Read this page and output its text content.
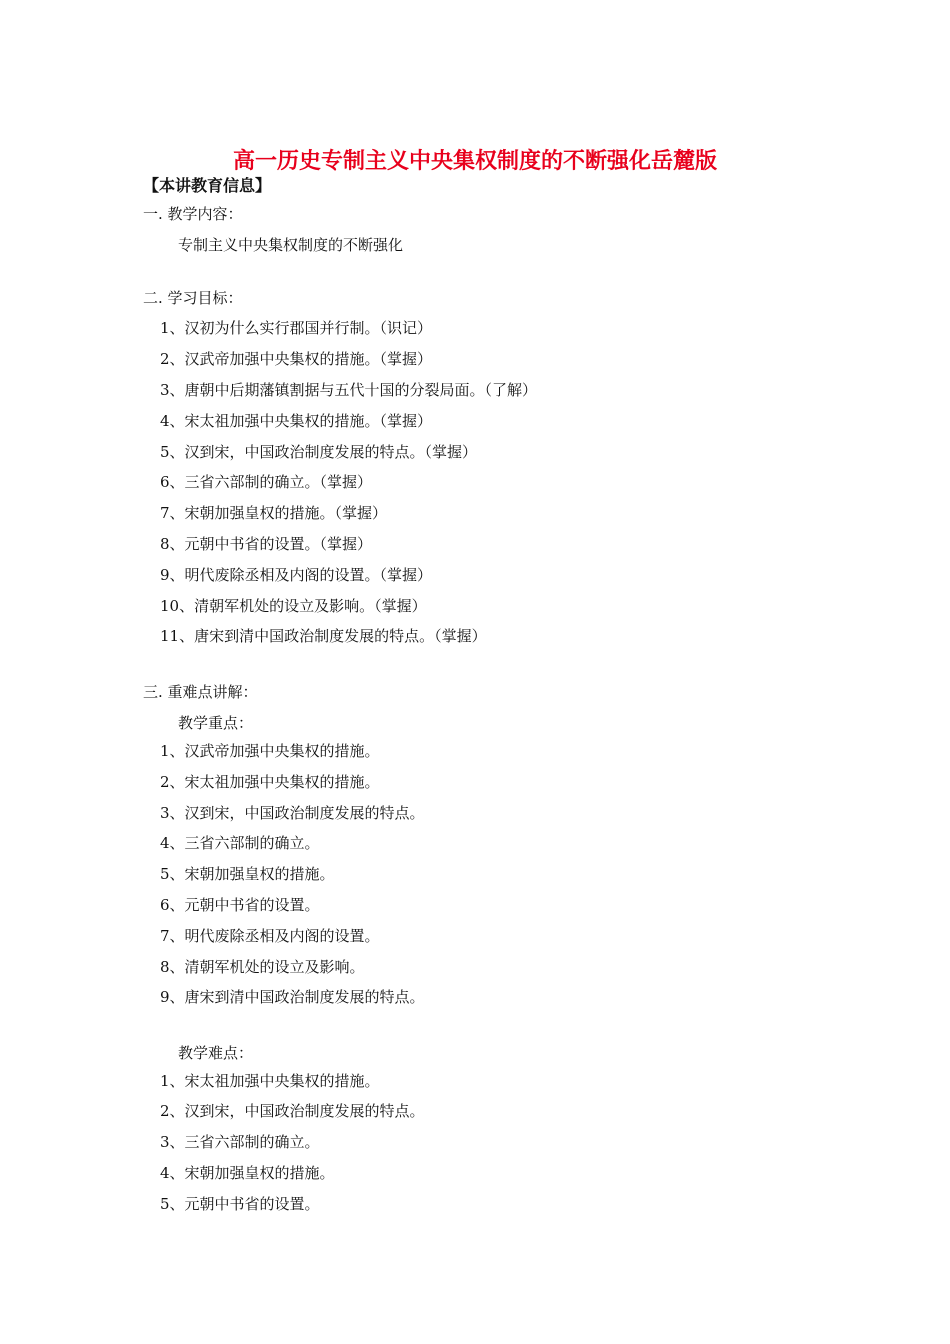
高一历史专制主义中央集权制度的不断强化岳麓版
【本讲教育信息】
一. 教学内容：
专制主义中央集权制度的不断强化
二. 学习目标：
1、汉初为什么实行郡国并行制。（识记）
2、汉武帝加强中央集权的措施。（掌握）
3、唐朝中后期藩镇割据与五代十国的分裂局面。（了解）
4、宋太祖加强中央集权的措施。（掌握）
5、汉到宋，中国政治制度发展的特点。（掌握）
6、三省六部制的确立。（掌握）
7、宋朝加强皇权的措施。（掌握）
8、元朝中书省的设置。（掌握）
9、明代废除丞相及内阁的设置。（掌握）
10、清朝军机处的设立及影响。（掌握）
11、唐宋到清中国政治制度发展的特点。（掌握）
三. 重难点讲解：
教学重点：
1、汉武帝加强中央集权的措施。
2、宋太祖加强中央集权的措施。
3、汉到宋，中国政治制度发展的特点。
4、三省六部制的确立。
5、宋朝加强皇权的措施。
6、元朝中书省的设置。
7、明代废除丞相及内阁的设置。
8、清朝军机处的设立及影响。
9、唐宋到清中国政治制度发展的特点。
教学难点：
1、宋太祖加强中央集权的措施。
2、汉到宋，中国政治制度发展的特点。
3、三省六部制的确立。
4、宋朝加强皇权的措施。
5、元朝中书省的设置。
